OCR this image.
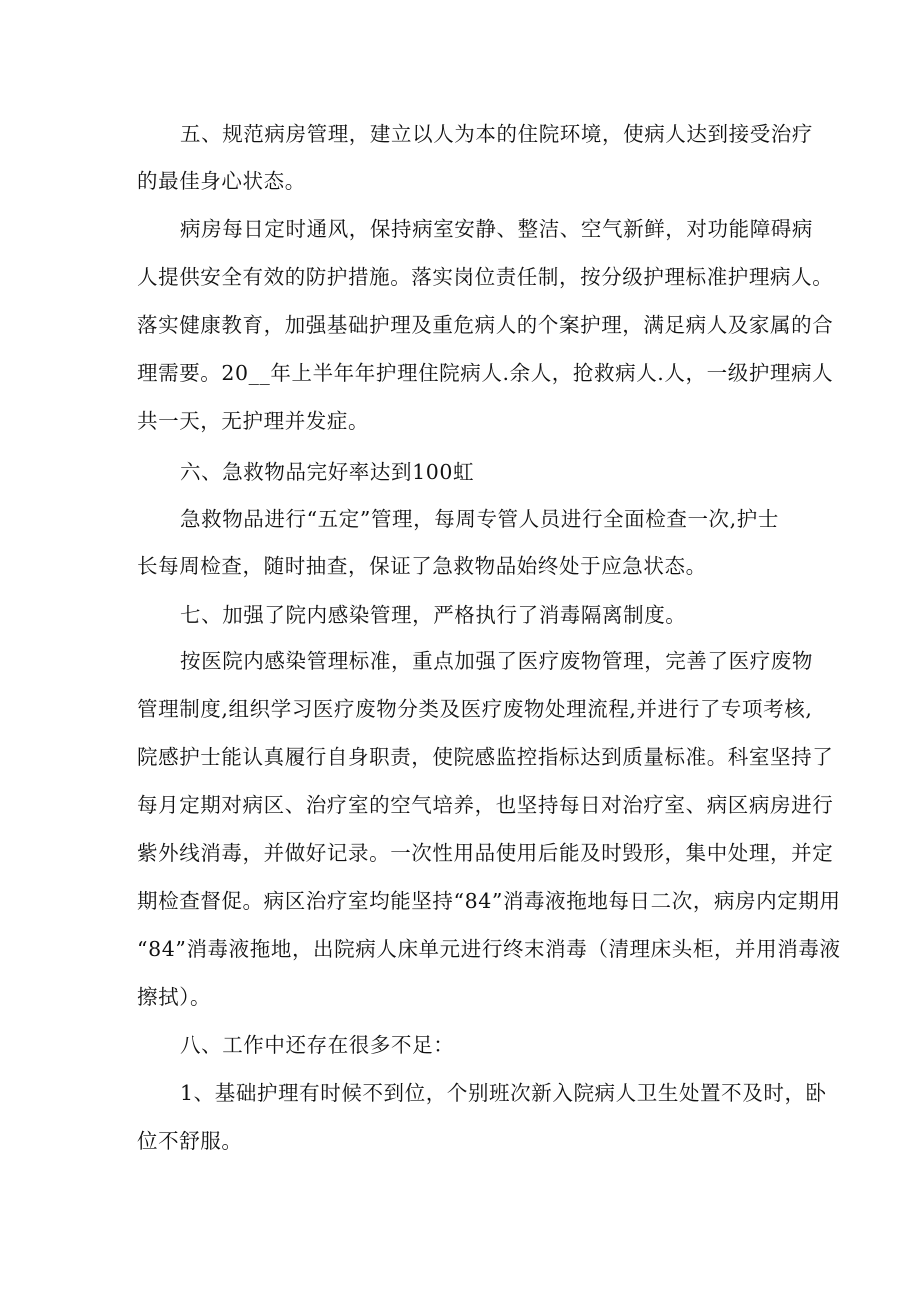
五、规范病房管理，建立以人为本的住院环境，使病人达到接受治疗
的最佳身心状态。
病房每日定时通风，保持病室安静、整洁、空气新鲜，对功能障碍病
人提供安全有效的防护措施。落实岗位责任制，按分级护理标准护理病人。
落实健康教育，加强基础护理及重危病人的个案护理，满足病人及家属的合
理需要。20__年上半年年护理住院病人.余人，抢救病人.人，一级护理病人
共一天，无护理并发症。
六、急救物品完好率达到100虹
急救物品进行“五定”管理，每周专管人员进行全面检查一次,护士
长每周检查，随时抽查，保证了急救物品始终处于应急状态。
七、加强了院内感染管理，严格执行了消毒隔离制度。
按医院内感染管理标准，重点加强了医疗废物管理，完善了医疗废物
管理制度,组织学习医疗废物分类及医疗废物处理流程,并进行了专项考核,
院感护士能认真履行自身职责，使院感监控指标达到质量标准。科室坚持了
每月定期对病区、治疗室的空气培养，也坚持每日对治疗室、病区病房进行
紫外线消毒，并做好记录。一次性用品使用后能及时毁形，集中处理，并定
期检查督促。病区治疗室均能坚持“84”消毒液拖地每日二次，病房内定期用
“84”消毒液拖地，出院病人床单元进行终末消毒（清理床头柜，并用消毒液
擦拭）。
八、工作中还存在很多不足：
1、基础护理有时候不到位，个别班次新入院病人卫生处置不及时，卧
位不舒服。
